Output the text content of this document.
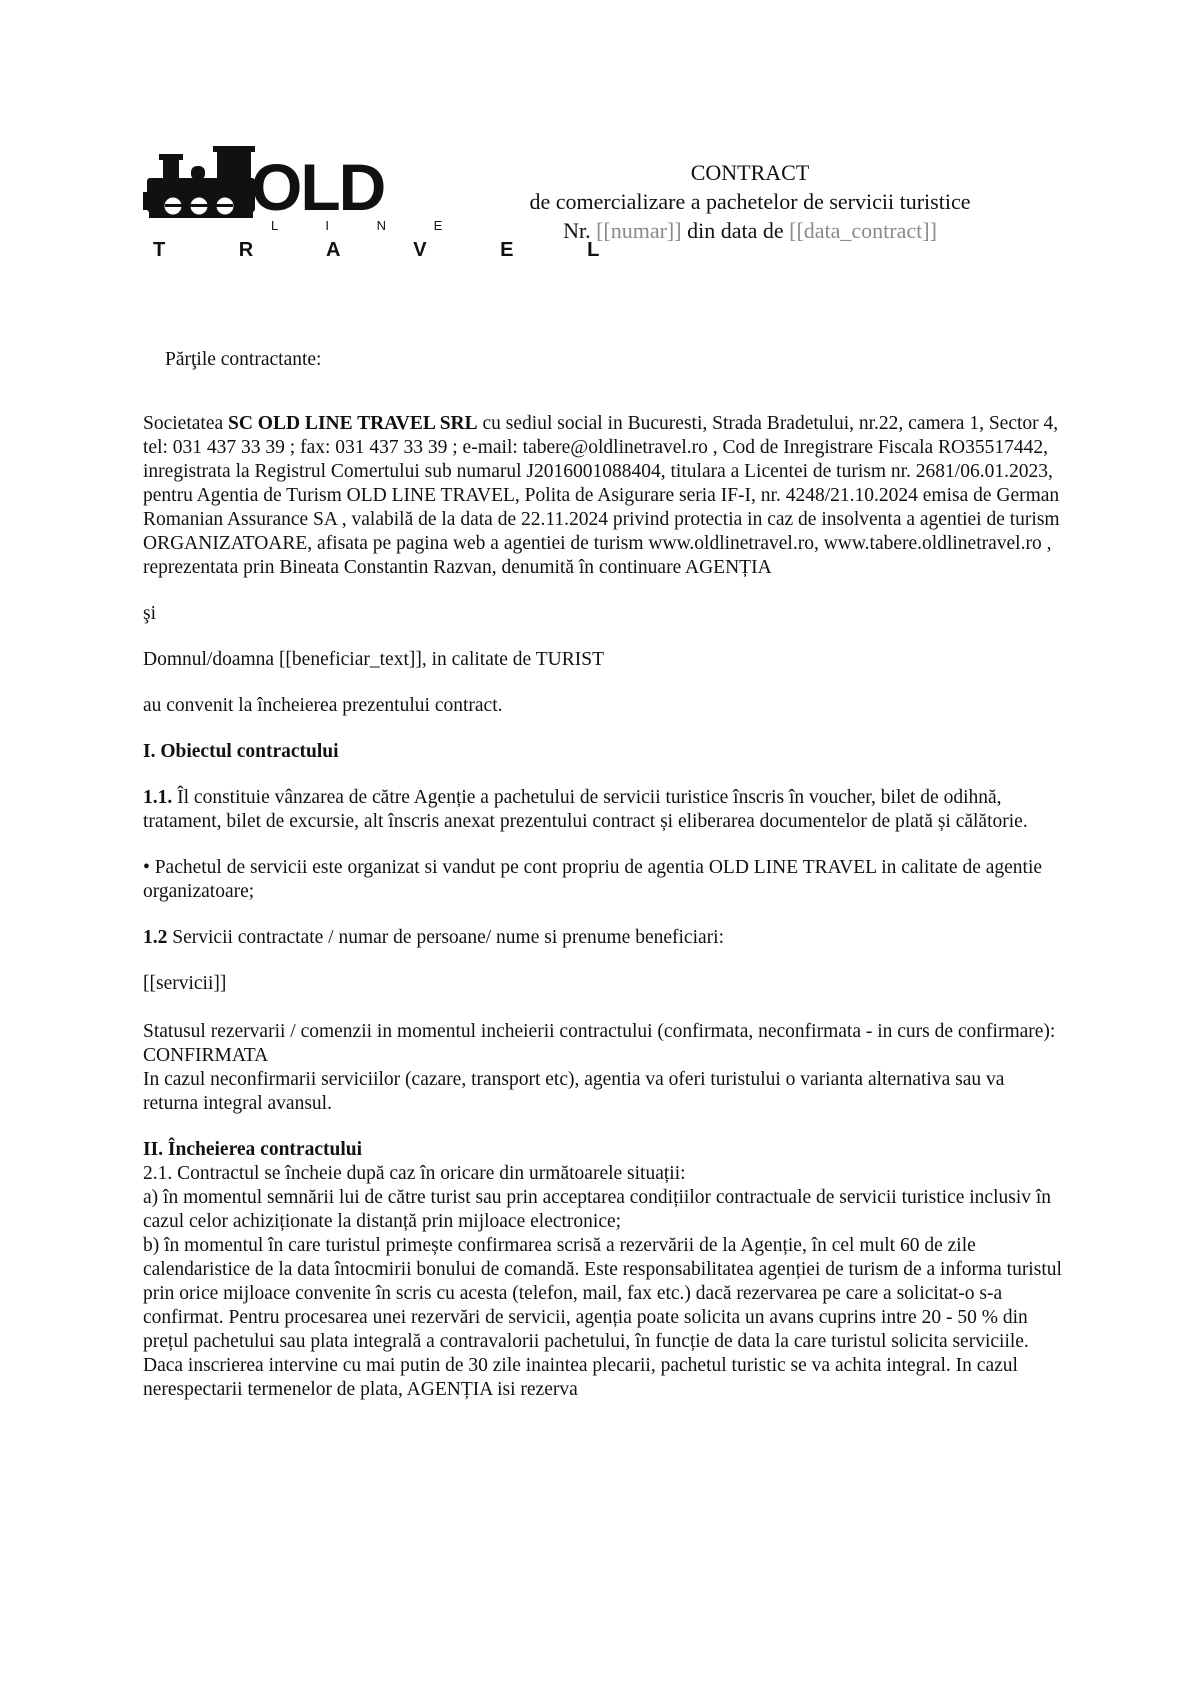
OLD
L I N E
T R A V E L
CONTRACT
de comercializare a pachetelor de servicii turistice
Nr. [[numar]] din data de [[data_contract]]

Părţile contractante:

Societatea SC OLD LINE TRAVEL SRL cu sediul social in Bucuresti, Strada Bradetului, nr.22, camera 1, Sector 4, tel: 031 437 33 39 ; fax: 031 437 33 39 ; e-mail: tabere@oldlinetravel.ro , Cod de Inregistrare Fiscala RO35517442, inregistrata la Registrul Comertului sub numarul J2016001088404, titulara a Licentei de turism nr. 2681/06.01.2023, pentru Agentia de Turism OLD LINE TRAVEL, Polita de Asigurare seria IF-I, nr. 4248/21.10.2024 emisa de German Romanian Assurance SA , valabilă de la data de 22.11.2024 privind protectia in caz de insolventa a agentiei de turism ORGANIZATOARE, afisata pe pagina web a agentiei de turism www.oldlinetravel.ro, www.tabere.oldlinetravel.ro , reprezentata prin Bineata Constantin Razvan, denumită în continuare AGENȚIA

şi

Domnul/doamna [[beneficiar_text]], in calitate de TURIST

au convenit la încheierea prezentului contract.

I. Obiectul contractului

1.1. Îl constituie vânzarea de către Agenție a pachetului de servicii turistice înscris în voucher, bilet de odihnă, tratament, bilet de excursie, alt înscris anexat prezentului contract și eliberarea documentelor de plată și călătorie.

• Pachetul de servicii este organizat si vandut pe cont propriu de agentia OLD LINE TRAVEL in calitate de agentie organizatoare;

1.2 Servicii contractate / numar de persoane/ nume si prenume beneficiari:

[[servicii]]

Statusul rezervarii / comenzii in momentul incheierii contractului (confirmata, neconfirmata - in curs de confirmare): CONFIRMATA

In cazul neconfirmarii serviciilor (cazare, transport etc), agentia va oferi turistului o varianta alternativa sau va returna integral avansul.

II. Încheierea contractului

2.1. Contractul se încheie după caz în oricare din următoarele situații:

a) în momentul semnării lui de către turist sau prin acceptarea condițiilor contractuale de servicii turistice inclusiv în cazul celor achiziționate la distanță prin mijloace electronice;

b) în momentul în care turistul primește confirmarea scrisă a rezervării de la Agenție, în cel mult 60 de zile calendaristice de la data întocmirii bonului de comandă. Este responsabilitatea agenției de turism de a informa turistul prin orice mijloace convenite în scris cu acesta (telefon, mail, fax etc.) dacă rezervarea pe care a solicitat-o s-a confirmat. Pentru procesarea unei rezervări de servicii, agenția poate solicita un avans cuprins intre 20 - 50 % din prețul pachetului sau plata integrală a contravalorii pachetului, în funcție de data la care turistul solicita serviciile. Daca inscrierea intervine cu mai putin de 30 zile inaintea plecarii, pachetul turistic se va achita integral. In cazul nerespectarii termenelor de plata, AGENȚIA isi rezerva
